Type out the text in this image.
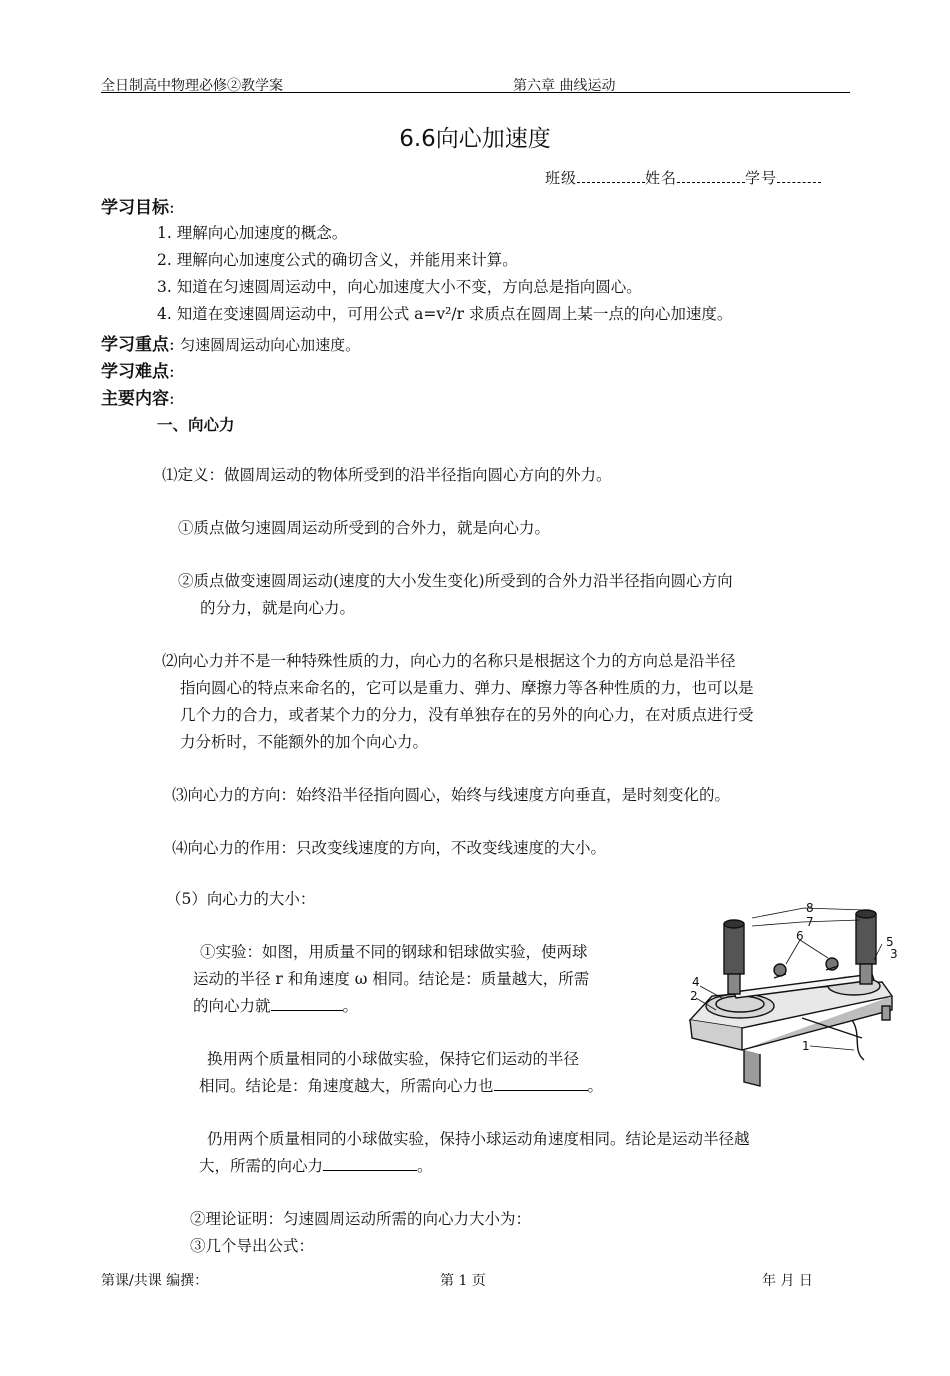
全日制高中物理必修②教学案	第六章 曲线运动
6.6向心加速度
班级	姓名	学号
学习目标:
1. 理解向心加速度的概念。
2. 理解向心加速度公式的确切含义，并能用来计算。
3. 知道在匀速圆周运动中，向心加速度大小不变，方向总是指向圆心。
4. 知道在变速圆周运动中，可用公式 a=v²/r 求质点在圆周上某一点的向心加速度。
学习重点: 匀速圆周运动向心加速度。
学习难点:
主要内容:
一、向心力
⑴定义：做圆周运动的物体所受到的沿半径指向圆心方向的外力。
①质点做匀速圆周运动所受到的合外力，就是向心力。
②质点做变速圆周运动(速度的大小发生变化)所受到的合外力沿半径指向圆心方向
的分力，就是向心力。
⑵向心力并不是一种特殊性质的力，向心力的名称只是根据这个力的方向总是沿半径
指向圆心的特点来命名的，它可以是重力、弹力、摩擦力等各种性质的力，也可以是
几个力的合力，或者某个力的分力，没有单独存在的另外的向心力，在对质点进行受
力分析时，不能额外的加个向心力。
⑶向心力的方向：始终沿半径指向圆心，始终与线速度方向垂直，是时刻变化的。
⑷向心力的作用：只改变线速度的方向，不改变线速度的大小。
（5）向心力的大小：
①实验：如图，用质量不同的钢球和铝球做实验，使两球
运动的半径 r 和角速度 ω 相同。结论是：质量越大，所需
的向心力就	。
换用两个质量相同的小球做实验，保持它们运动的半径
相同。结论是：角速度越大，所需向心力也	。
仍用两个质量相同的小球做实验，保持小球运动角速度相同。结论是运动半径越
大，所需的向心力	。
②理论证明：匀速圆周运动所需的向心力大小为：
③几个导出公式：
8
7
6	5
3
4
2
1
第课/共课 编撰：	第 1 页	年 月 日
